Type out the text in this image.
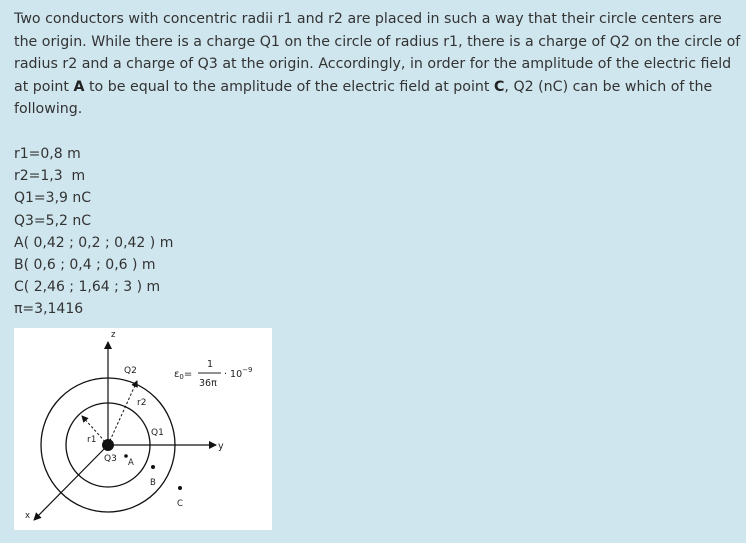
Two conductors with concentric radii r1 and r2 are placed in such a way that their circle centers are the origin. While there is a charge Q1 on the circle of radius r1, there is a charge of Q2 on the circle of radius r2 and a charge of Q3 at the origin. Accordingly, in order for the amplitude of the electric field at point A to be equal to the amplitude of the electric field at point C, Q2 (nC) can be which of the following.
r1=0,8 m
r2=1,3  m
Q1=3,9 nC
Q3=5,2 nC
A( 0,42 ; 0,2 ; 0,42 ) m
B( 0,6 ; 0,4 ; 0,6 ) m
C( 2,46 ; 1,64 ; 3 ) m
π=3,1416
z
y
x
Q2
r2
Q1
r1
Q3 A
B
C
$\varepsilon_0=$
1
36π
· $10^{-9}$
